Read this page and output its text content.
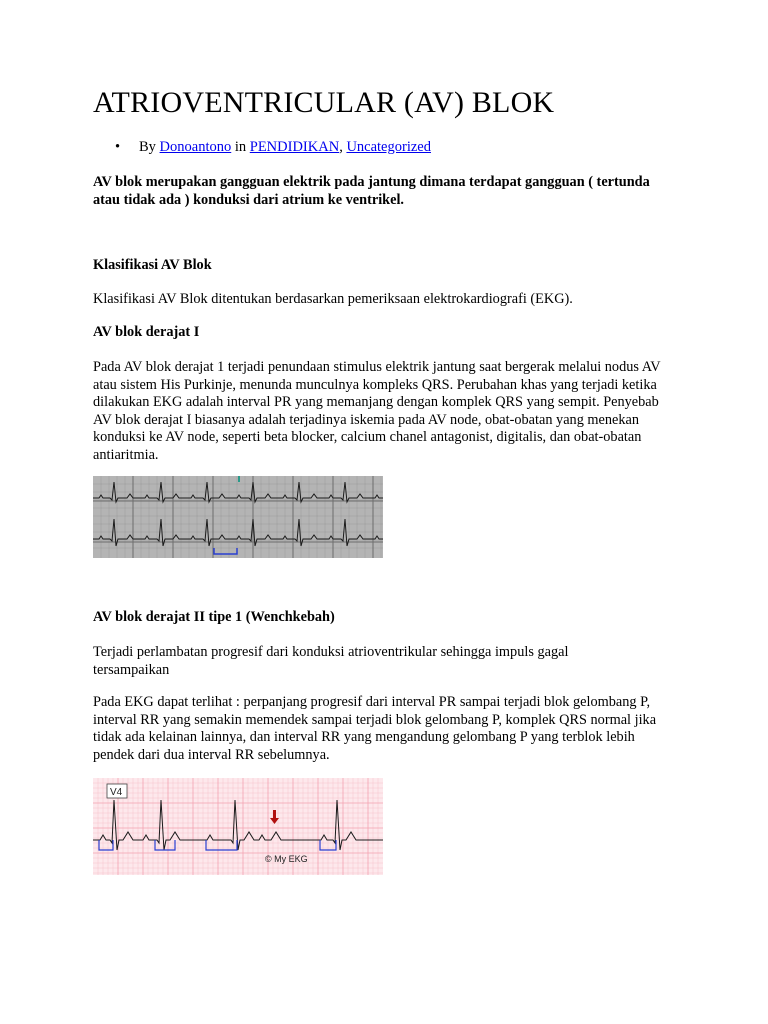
ATRIOVENTRICULAR (AV) BLOK
• By Donoantono in PENDIDIKAN, Uncategorized
AV blok merupakan gangguan elektrik pada jantung dimana terdapat gangguan ( tertunda atau tidak ada ) konduksi dari atrium ke ventrikel.
Klasifikasi AV Blok
Klasifikasi AV Blok ditentukan berdasarkan pemeriksaan elektrokardiografi (EKG).
AV blok derajat I
Pada AV blok derajat 1 terjadi penundaan stimulus elektrik jantung saat bergerak melalui nodus AV atau sistem His Purkinje, menunda munculnya kompleks QRS. Perubahan khas yang terjadi ketika dilakukan EKG adalah interval PR yang memanjang dengan komplek QRS yang sempit. Penyebab AV blok derajat I biasanya adalah terjadinya iskemia pada AV node, obat-obatan yang menekan konduksi ke AV node, seperti beta blocker, calcium chanel antagonist, digitalis, dan obat-obatan antiaritmia.
AV blok derajat II tipe 1 (Wenchkebah)
Terjadi perlambatan progresif dari konduksi atrioventrikular sehingga impuls gagal tersampaikan
Pada EKG dapat terlihat : perpanjang progresif dari interval PR sampai terjadi blok gelombang P, interval RR yang semakin memendek sampai terjadi blok gelombang P, komplek QRS normal jika tidak ada kelainan lainnya, dan interval RR yang mengandung gelombang P yang terblok lebih pendek dari dua interval RR sebelumnya.
V4
© My EKG
